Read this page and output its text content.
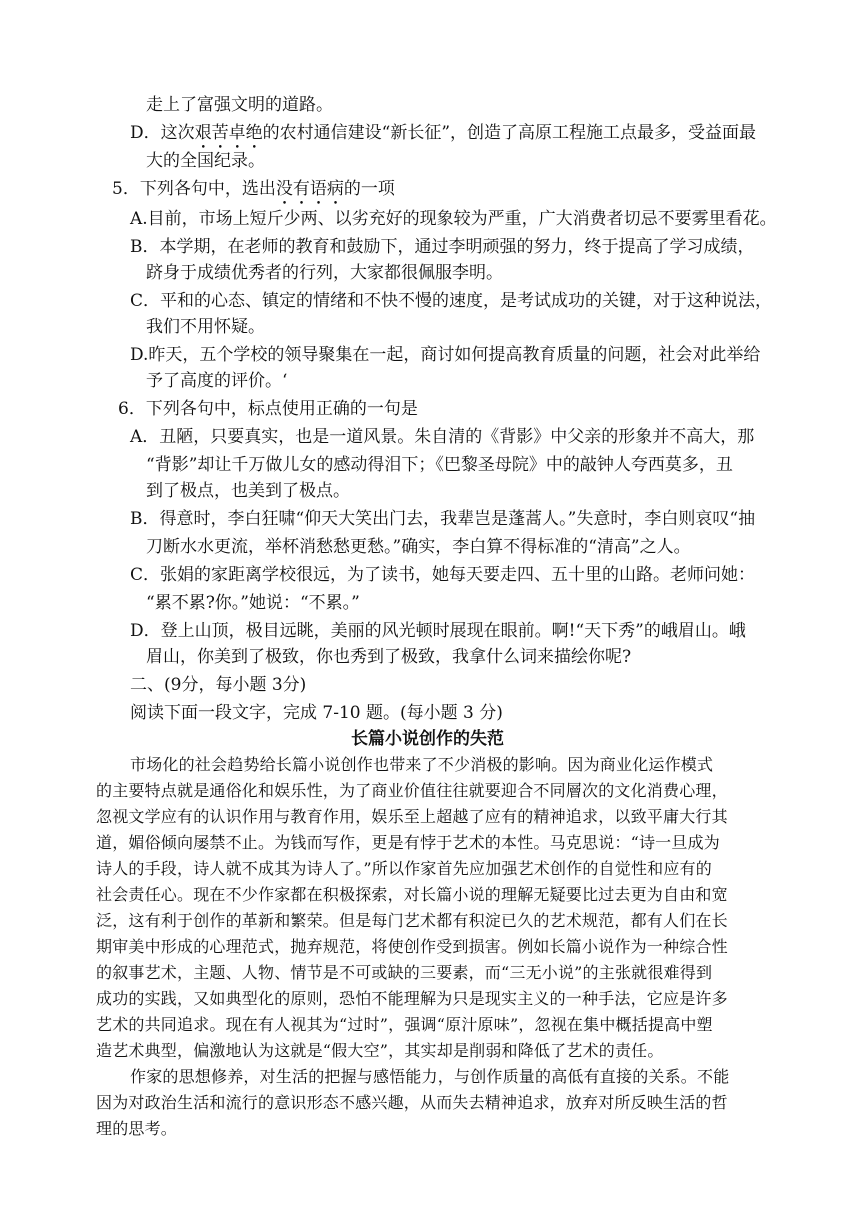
走上了富强文明的道路。
D．这次艰苦卓绝的农村通信建设“新长征”，创造了高原工程施工点最多，受益面最
大的全国纪录。
5．下列各句中，选出没有语病的一项
A.目前，市场上短斤少两、以劣充好的现象较为严重，广大消费者切忌不要雾里看花。
B．本学期，在老师的教育和鼓励下，通过李明顽强的努力，终于提高了学习成绩，
跻身于成绩优秀者的行列，大家都很佩服李明。
C．平和的心态、镇定的情绪和不快不慢的速度，是考试成功的关键，对于这种说法，
我们不用怀疑。
D.昨天，五个学校的领导聚集在一起，商讨如何提高教育质量的问题，社会对此举给
予了高度的评价。‘
6．下列各句中，标点使用正确的一句是
A．丑陋，只要真实，也是一道风景。朱自清的《背影》中父亲的形象并不高大，那
“背影”却让千万做儿女的感动得泪下；《巴黎圣母院》中的敲钟人夸西莫多，丑
到了极点，也美到了极点。
B．得意时，李白狂啸“仰天大笑出门去，我辈岂是蓬蒿人。”失意时，李白则哀叹“抽
刀断水水更流，举杯消愁愁更愁。”确实，李白算不得标准的“清高”之人。
C．张娟的家距离学校很远，为了读书，她每天要走四、五十里的山路。老师问她：
“累不累?你。”她说：“不累。”
D．登上山顶，极目远眺，美丽的风光顿时展现在眼前。啊!“天下秀”的峨眉山。峨
眉山，你美到了极致，你也秀到了极致，我拿什么词来描绘你呢?
二、(9分，每小题 3分)
阅读下面一段文字，完成 7-10 题。(每小题 3 分)
长篇小说创作的失范
市场化的社会趋势给长篇小说创作也带来了不少消极的影响。因为商业化运作模式
的主要特点就是通俗化和娱乐性，为了商业价值往往就要迎合不同層次的文化消费心理，
忽视文学应有的认识作用与教育作用，娱乐至上超越了应有的精神追求，以致平庸大行其
道，媚俗倾向屡禁不止。为钱而写作，更是有悖于艺术的本性。马克思说：“诗一旦成为
诗人的手段，诗人就不成其为诗人了。”所以作家首先应加强艺术创作的自觉性和应有的
社会责任心。现在不少作家都在积极探索，对长篇小说的理解无疑要比过去更为自由和宽
泛，这有利于创作的革新和繁荣。但是每门艺术都有积淀已久的艺术规范，都有人们在长
期审美中形成的心理范式，抛弃规范，将使创作受到损害。例如长篇小说作为一种综合性
的叙事艺术，主题、人物、情节是不可或缺的三要素，而“三无小说”的主张就很难得到
成功的实践，又如典型化的原则，恐怕不能理解为只是现实主义的一种手法，它应是许多
艺术的共同追求。现在有人视其为“过时”，强调“原汁原味”，忽视在集中概括提高中塑
造艺术典型，偏激地认为这就是“假大空”，其实却是削弱和降低了艺术的责任。
作家的思想修养，对生活的把握与感悟能力，与创作质量的高低有直接的关系。不能
因为对政治生活和流行的意识形态不感兴趣，从而失去精神追求，放弃对所反映生活的哲
理的思考。
